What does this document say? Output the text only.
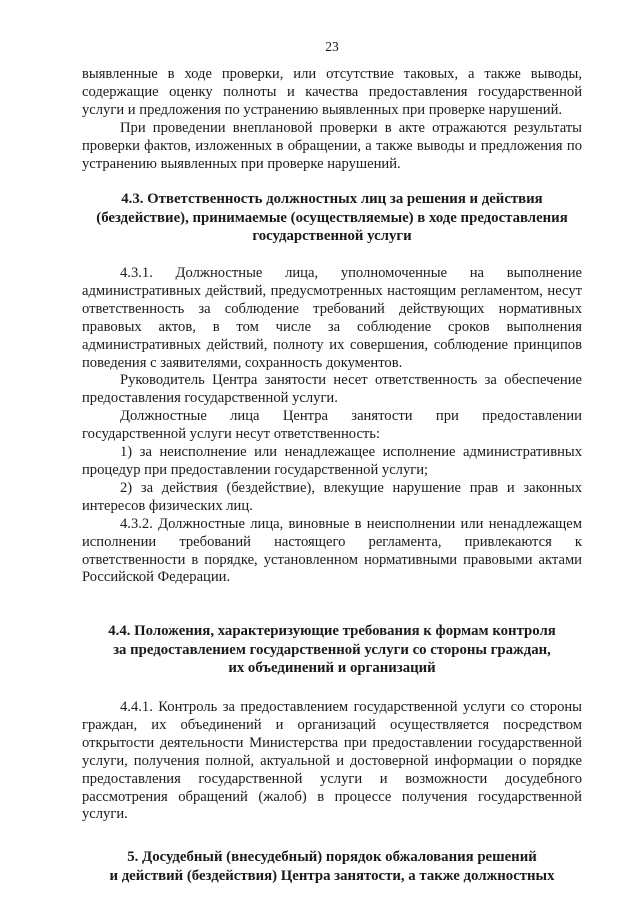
23

выявленные в ходе проверки, или отсутствие таковых, а также выводы, содержащие оценку полноты и качества предоставления государственной услуги и предложения по устранению выявленных при проверке нарушений.

При проведении внеплановой проверки в акте отражаются результаты проверки фактов, изложенных в обращении, а также выводы и предложения по устранению выявленных при проверке нарушений.

4.3. Ответственность должностных лиц за решения и действия
(бездействие), принимаемые (осуществляемые) в ходе предоставления
государственной услуги

4.3.1. Должностные лица, уполномоченные на выполнение административных действий, предусмотренных настоящим регламентом, несут ответственность за соблюдение требований действующих нормативных правовых актов, в том числе за соблюдение сроков выполнения административных действий, полноту их совершения, соблюдение принципов поведения с заявителями, сохранность документов.

Руководитель Центра занятости несет ответственность за обеспечение предоставления государственной услуги.

Должностные лица Центра занятости при предоставлении государственной услуги несут ответственность:

1) за неисполнение или ненадлежащее исполнение административных процедур при предоставлении государственной услуги;

2) за действия (бездействие), влекущие нарушение прав и законных интересов физических лиц.

4.3.2. Должностные лица, виновные в неисполнении или ненадлежащем исполнении требований настоящего регламента, привлекаются к ответственности в порядке, установленном нормативными правовыми актами Российской Федерации.

4.4. Положения, характеризующие требования к формам контроля
за предоставлением государственной услуги со стороны граждан,
их объединений и организаций

4.4.1. Контроль за предоставлением государственной услуги со стороны граждан, их объединений и организаций осуществляется посредством открытости деятельности Министерства при предоставлении государственной услуги, получения полной, актуальной и достоверной информации о порядке предоставления государственной услуги и возможности досудебного рассмотрения обращений (жалоб) в процессе получения государственной услуги.

5. Досудебный (внесудебный) порядок обжалования решений
и действий (бездействия) Центра занятости, а также должностных
